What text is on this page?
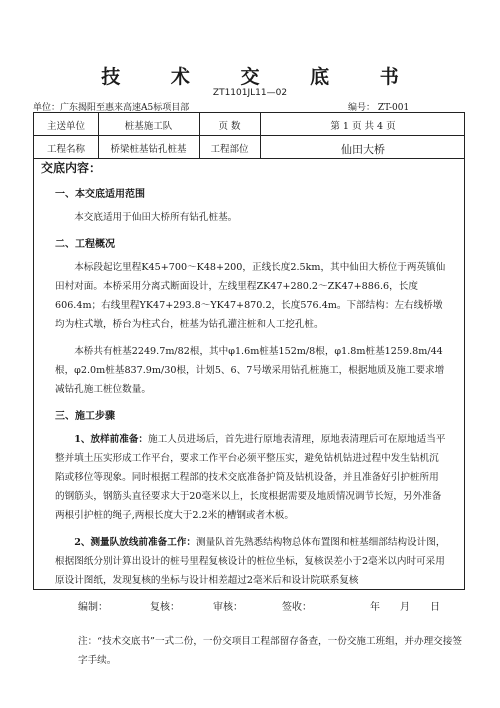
技 术 交 底 书
ZT1101JL11—02
单位：广东揭阳至惠来高速A5标项目部	编号： ZT-001
主送单位	桩基施工队	页 数	第 1 页 共 4 页
工程名称	桥梁桩基钻孔桩基	工程部位	仙田大桥
交底内容：
一、本交底适用范围

本交底适用于仙田大桥所有钻孔桩基。

二、工程概况

本标段起讫里程K45+700～K48+200，正线长度2.5km，其中仙田大桥位于两英镇仙田村对面。本桥采用分离式断面设计，左线里程ZK47+280.2～ZK47+886.6，长度606.4m；右线里程YK47+293.8～YK47+870.2，长度576.4m。下部结构：左右线桥墩均为柱式墩，桥台为柱式台，桩基为钻孔灌注桩和人工挖孔桩。

本桥共有桩基2249.7m/82根，其中φ1.6m桩基152m/8根，φ1.8m桩基1259.8m/44根，φ2.0m桩基837.9m/30根，计划5、6、7号墩采用钻孔桩施工，根据地质及施工要求增减钻孔施工桩位数量。

三、施工步骤

1、放样前准备：施工人员进场后，首先进行原地表清理，原地表清理后可在原地适当平整并填土压实形成工作平台，要求工作平台必须平整压实，避免钻机钻进过程中发生钻机沉陷或移位等现象。同时根据工程部的技术交底准备护筒及钻机设备，并且准备好引护桩所用的钢筋头，钢筋头直径要求大于20毫米以上，长度根据需要及地质情况调节长短，另外准备两根引护桩的绳子,两根长度大于2.2米的槽钢或者木板。

2、测量队放线前准备工作：测量队首先熟悉结构物总体布置图和桩基细部结构设计图，根据图纸分别计算出设计的桩号里程复核设计的桩位坐标，复核误差小于2毫米以内时可采用原设计图纸，发现复核的坐标与设计相差超过2毫米后和设计院联系复核

编制：	复核：	审核：	签收：	年 月 日
注：“技术交底书”一式二份，一份交项目工程部留存备查，一份交施工班组，并办理交接签字手续。
